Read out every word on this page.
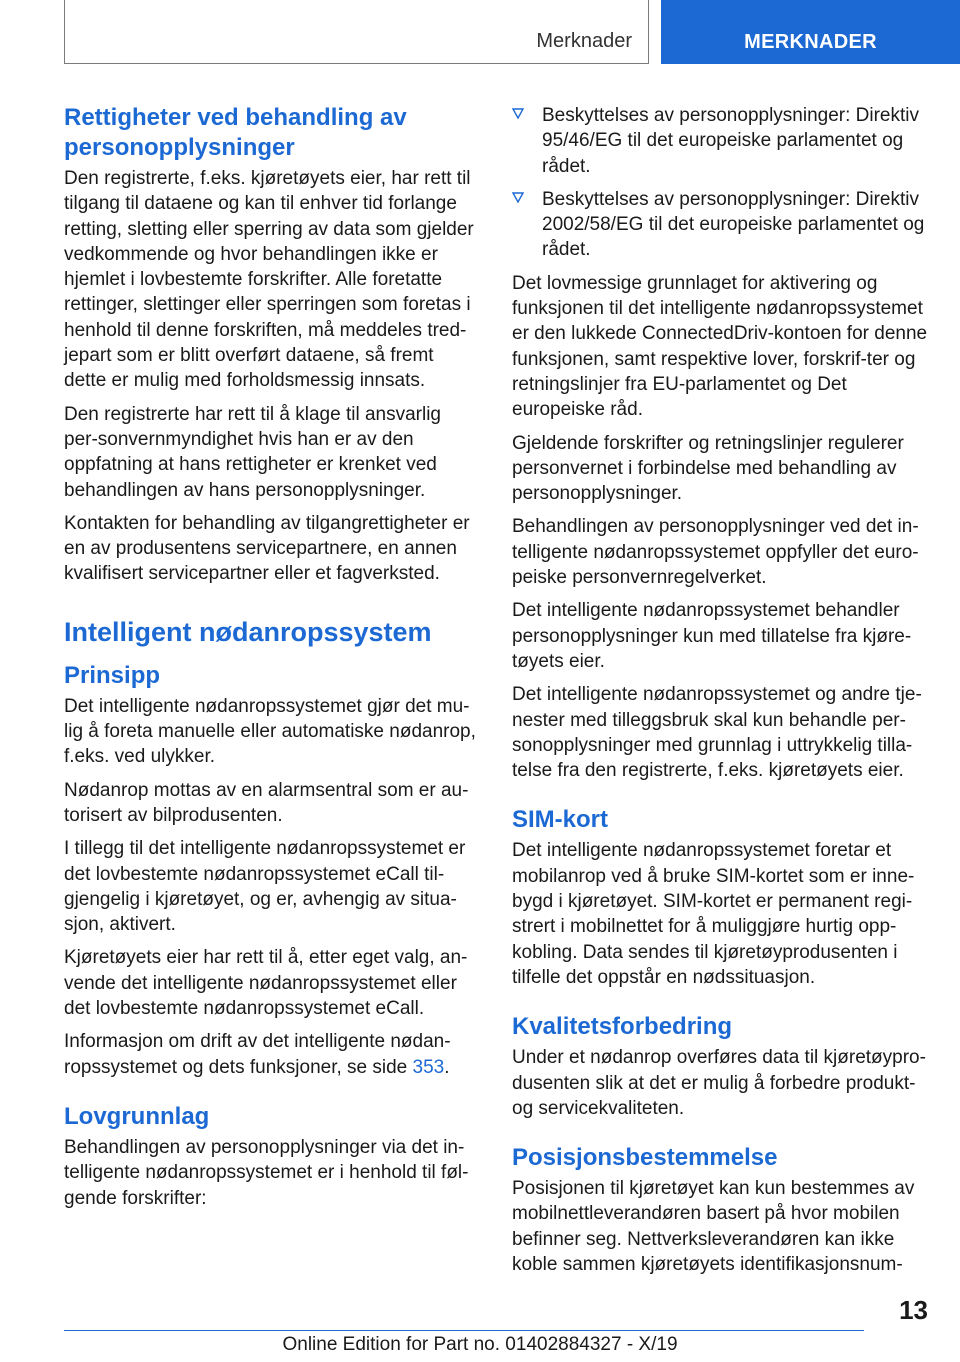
Merknader	MERKNADER
Rettigheter ved behandling av personopplysninger

Den registrerte, f.eks. kjøretøyets eier, har rett til tilgang til dataene og kan til enhver tid forlange retting, sletting eller sperring av data som gjelder vedkommende og hvor behandlingen ikke er hjemlet i lovbestemte forskrifter. Alle foretatte rettinger, slettinger eller sperringen som foretas i henhold til denne forskriften, må meddeles tred‐jepart som er blitt overført dataene, så fremt dette er mulig med forholdsmessig innsats.

Den registrerte har rett til å klage til ansvarlig per‐sonvernmyndighet hvis han er av den oppfatning at hans rettigheter er krenket ved behandlingen av hans personopplysninger.

Kontakten for behandling av tilgangrettigheter er en av produsentens servicepartnere, en annen kvalifisert servicepartner eller et fagverksted.

Intelligent nødanropssystem
Prinsipp

Det intelligente nødanropssystemet gjør det mu‐lig å foreta manuelle eller automatiske nødanrop, f.eks. ved ulykker.

Nødanrop mottas av en alarmsentral som er au‐torisert av bilprodusenten.

I tillegg til det intelligente nødanropssystemet er det lovbestemte nødanropssystemet eCall til‐gjengelig i kjøretøyet, og er, avhengig av situa‐sjon, aktivert.

Kjøretøyets eier har rett til å, etter eget valg, an‐vende det intelligente nødanropssystemet eller det lovbestemte nødanropssystemet eCall.

Informasjon om drift av det intelligente nødan‐ropssystemet og dets funksjoner, se side 353.

Lovgrunnlag

Behandlingen av personopplysninger via det in‐telligente nødanropssystemet er i henhold til føl‐gende forskrifter:

Beskyttelses av personopplysninger: Direktiv 95/46/EG til det europeiske parlamentet og rådet.

Beskyttelses av personopplysninger: Direktiv 2002/58/EG til det europeiske parlamentet og rådet.

Det lovmessige grunnlaget for aktivering og funksjonen til det intelligente nødanropssystemet er den lukkede ConnectedDriv-kontoen for denne funksjonen, samt respektive lover, forskrif‐ter og retningslinjer fra EU-parlamentet og Det europeiske råd.

Gjeldende forskrifter og retningslinjer regulerer personvernet i forbindelse med behandling av personopplysninger.

Behandlingen av personopplysninger ved det in‐telligente nødanropssystemet oppfyller det euro‐peiske personvernregelverket.

Det intelligente nødanropssystemet behandler personopplysninger kun med tillatelse fra kjøre‐tøyets eier.

Det intelligente nødanropssystemet og andre tje‐nester med tilleggsbruk skal kun behandle per‐sonopplysninger med grunnlag i uttrykkelig tilla‐telse fra den registrerte, f.eks. kjøretøyets eier.

SIM-kort

Det intelligente nødanropssystemet foretar et mobilanrop ved å bruke SIM-kortet som er inne‐bygd i kjøretøyet. SIM-kortet er permanent regi‐strert i mobilnettet for å muliggjøre hurtig opp‐kobling. Data sendes til kjøretøyprodusenten i tilfelle det oppstår en nødssituasjon.

Kvalitetsforbedring

Under et nødanrop overføres data til kjøretøypro‐dusenten slik at det er mulig å forbedre produkt- og servicekvaliteten.

Posisjonsbestemmelse

Posisjonen til kjøretøyet kan kun bestemmes av mobilnettleverandøren basert på hvor mobilen befinner seg. Nettverksleverandøren kan ikke koble sammen kjøretøyets identifikasjonsnum‐

13
Online Edition for Part no. 01402884327 - X/19
